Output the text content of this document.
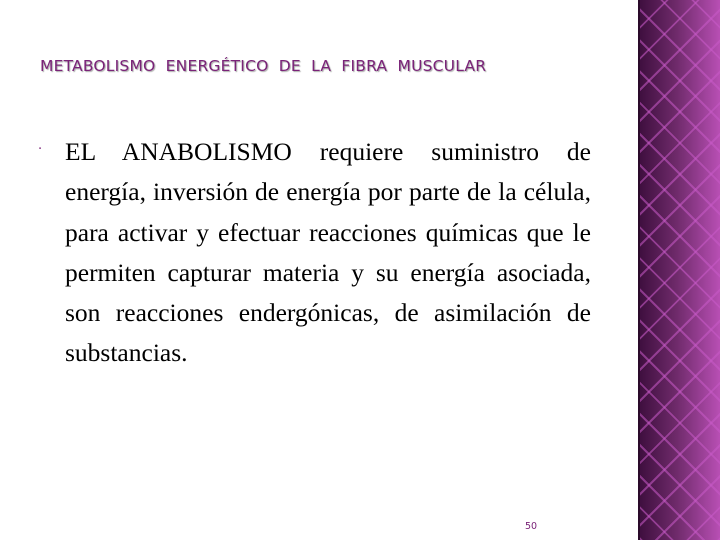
METABOLISMO  ENERGÉTICO  DE  LA  FIBRA  MUSCULAR
· EL ANABOLISMO requiere suministro de energía, inversión de energía por parte de la célula, para activar y efectuar reacciones químicas que le permiten capturar materia y su energía asociada, son reacciones endergónicas, de asimilación de substancias.

50
